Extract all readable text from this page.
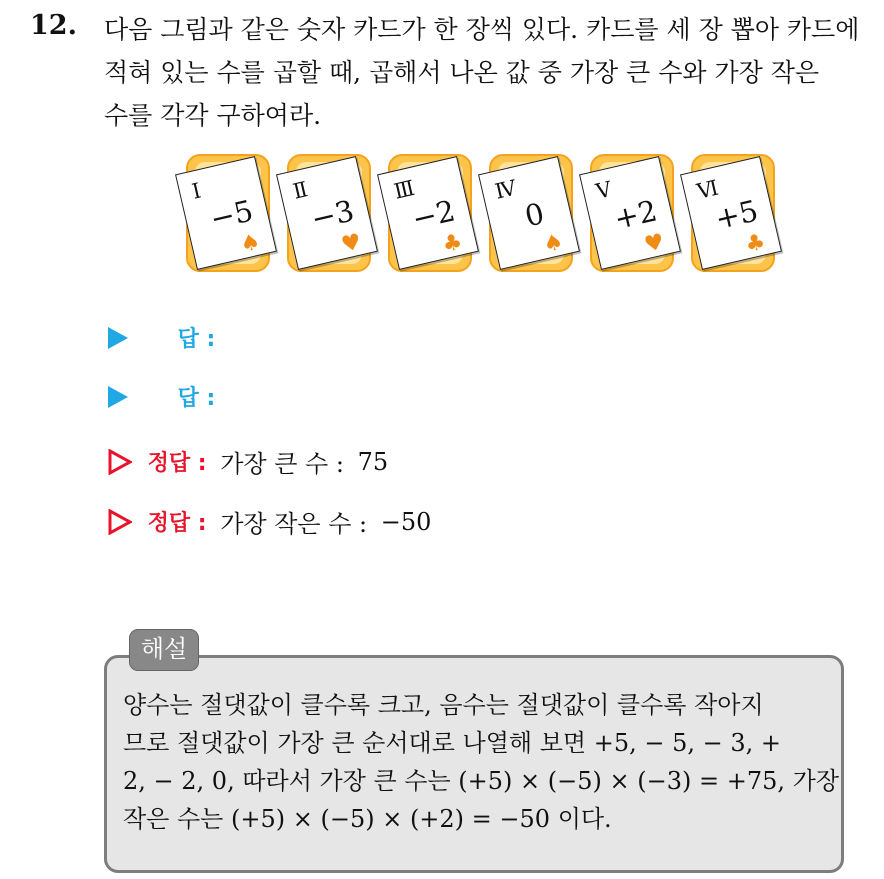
12. 다음 그림과 같은 숫자 카드가 한 장씩 있다. 카드를 세 장 뽑아 카드에
적혀 있는 수를 곱할 때, 곱해서 나온 값 중 가장 큰 수와 가장 작은
수를 각각 구하여라.
Ⅰ
−5
♠
Ⅱ
−3
♥
Ⅲ
−2
♣
Ⅳ
0
♠
Ⅴ
+2
♥
Ⅵ
+5
♣
답 :
답 :
정답 : 가장 큰 수 : 75
정답 : 가장 작은 수 : −50
해설
양수는 절댓값이 클수록 크고, 음수는 절댓값이 클수록 작아지
므로 절댓값이 가장 큰 순서대로 나열해 보면 +5, − 5, − 3, +
2, − 2, 0, 따라서 가장 큰 수는 (+5) × (−5) × (−3) = +75, 가장
작은 수는 (+5) × (−5) × (+2) = −50 이다.
